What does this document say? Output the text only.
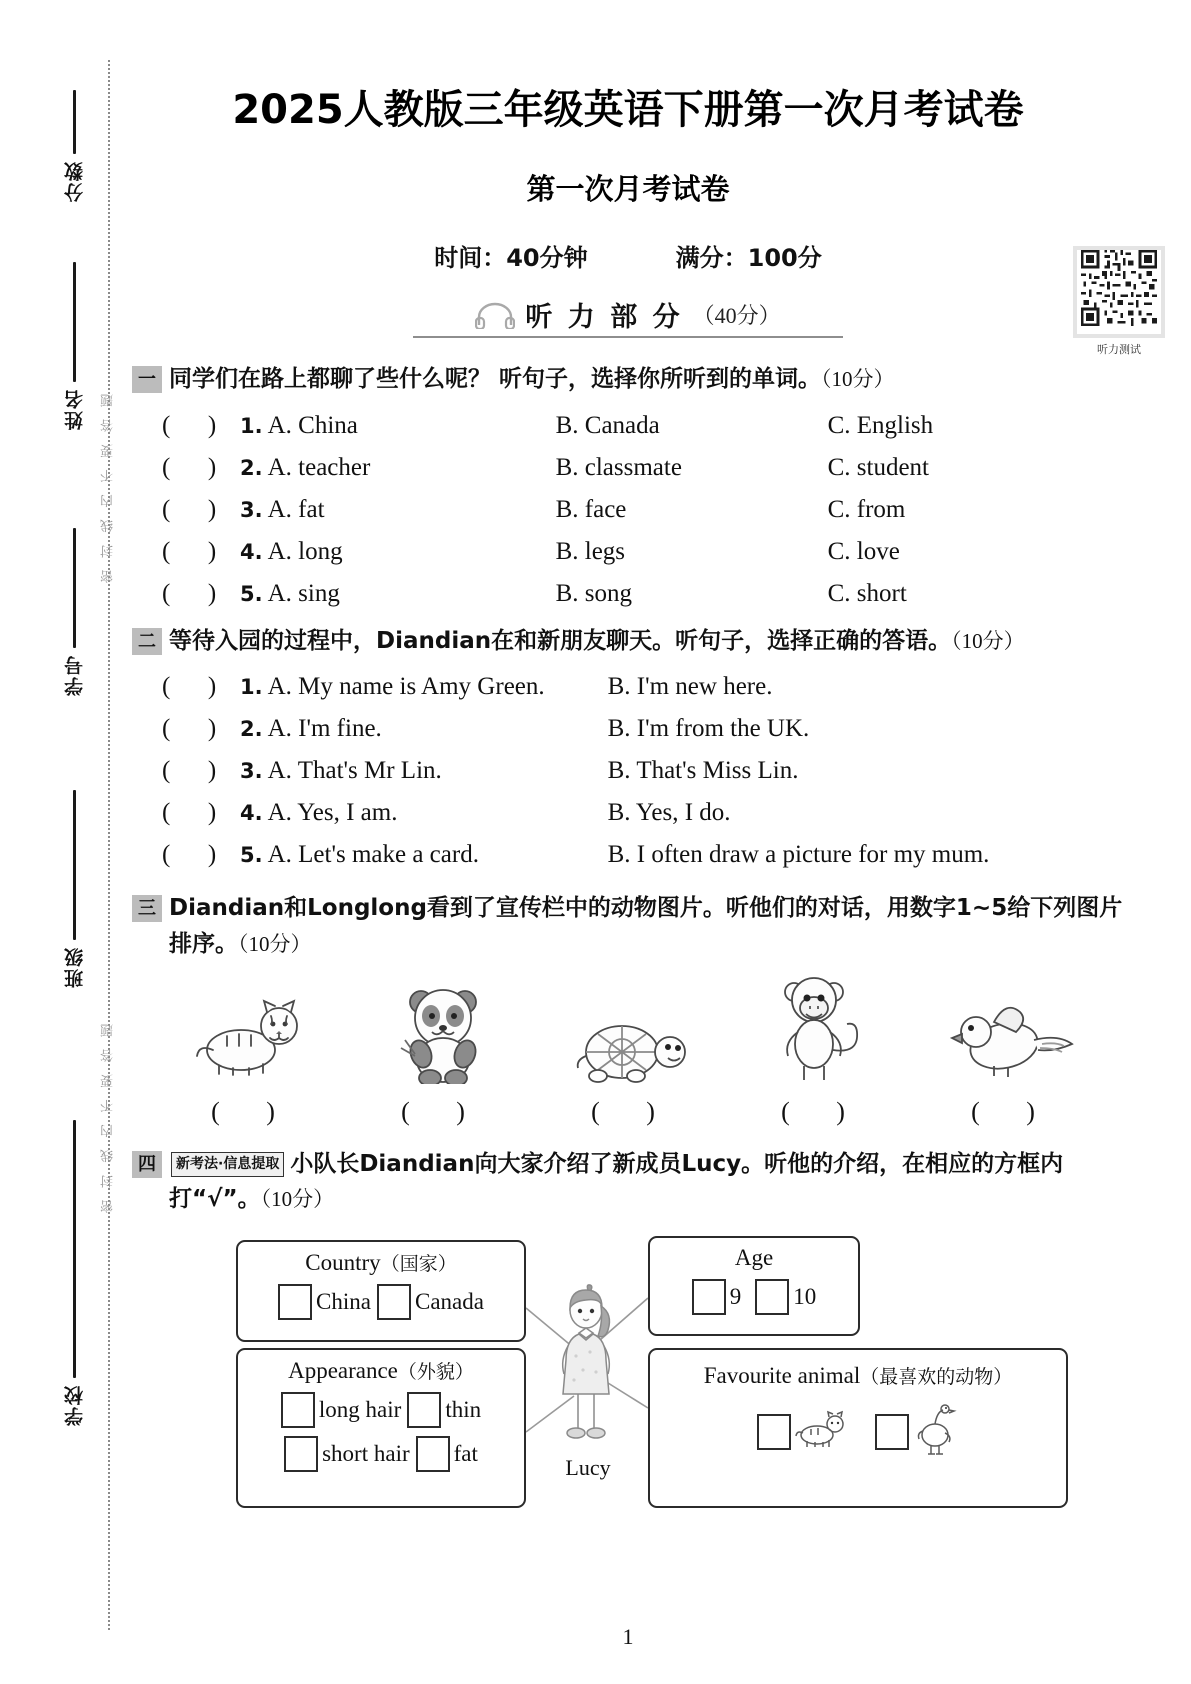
分数
姓名
学号
班级
学校
密 封 线 内 不 要 答 题
密 封 线 内 不 要 答 题
2025人教版三年级英语下册第一次月考试卷
第一次月考试卷
时间：40分钟	满分：100分
听 力 部 分 （40分）
听力测试
一 同学们在路上都聊了些什么呢？ 听句子，选择你所听到的单词。（10分）
(      )	1. A. China	B. Canada	C. English
(      )	2. A. teacher	B. classmate	C. student
(      )	3. A. fat	B. face	C. from
(      )	4. A. long	B. legs	C. love
(      )	5. A. sing	B. song	C. short
二 等待入园的过程中，Diandian在和新朋友聊天。听句子，选择正确的答语。（10分）
(      )	1. A. My name is Amy Green.	B. I'm new here.
(      )	2. A. I'm fine.	B. I'm from the UK.
(      )	3. A. That's Mr Lin.	B. That's Miss Lin.
(      )	4. A. Yes, I am.	B. Yes, I do.
(      )	5. A. Let's make a card.	B. I often draw a picture for my mum.
三 Diandian和Longlong看到了宣传栏中的动物图片。听他们的对话，用数字1~5给下列图片排序。（10分）
( )	( )	( )	( )	( )
四	新考法·信息提取 小队长Diandian向大家介绍了新成员Lucy。听他的介绍，在相应的方框内打“√”。（10分）
Country（国家）
China Canada
Appearance（外貌）
long hair thin
short hair fat
Age
9 10
Favourite animal（最喜欢的动物）
Lucy
1
